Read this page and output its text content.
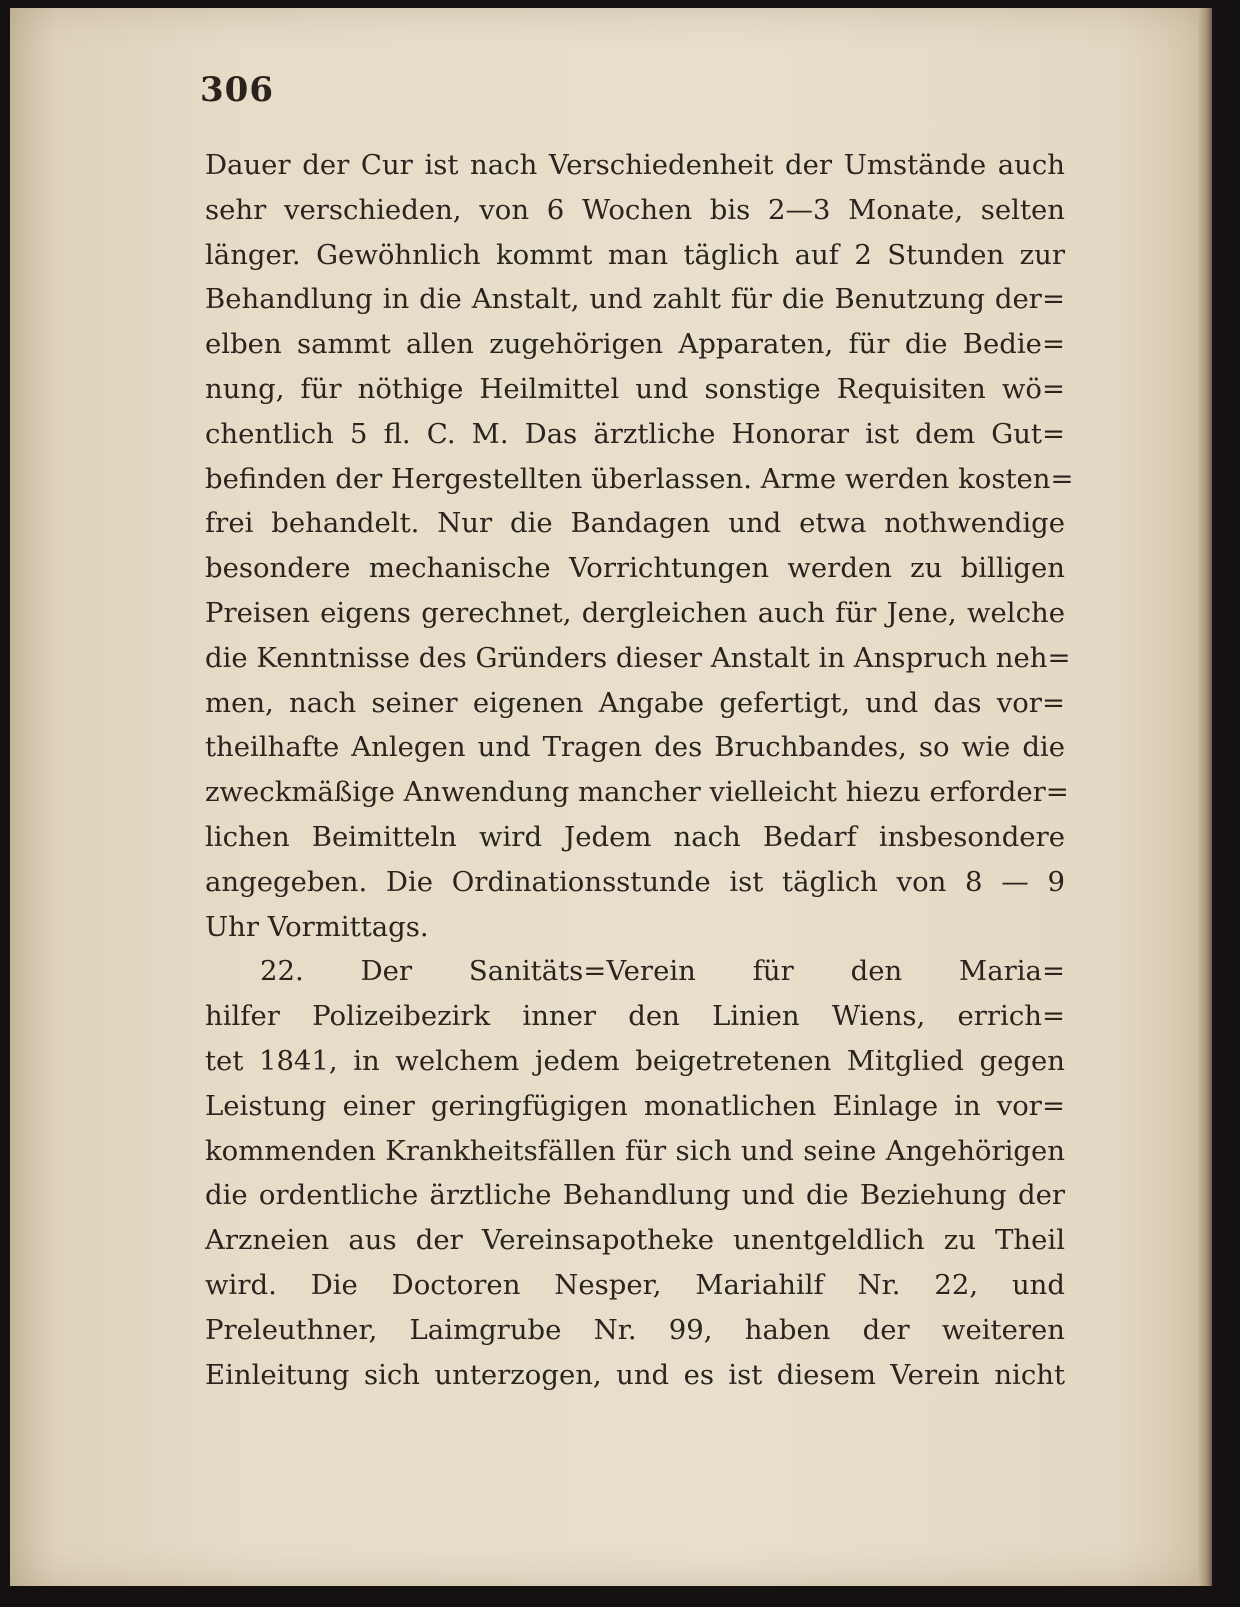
306
Dauer der Cur ist nach Verschiedenheit der Umstände auch
sehr verschieden, von 6 Wochen bis 2—3 Monate, selten
länger. Gewöhnlich kommt man täglich auf 2 Stunden zur
Behandlung in die Anstalt, und zahlt für die Benutzung der=
elben sammt allen zugehörigen Apparaten, für die Bedie=
nung, für nöthige Heilmittel und sonstige Requisiten wö=
chentlich 5 fl. C. M. Das ärztliche Honorar ist dem Gut=
befinden der Hergestellten überlassen. Arme werden kosten=
frei behandelt. Nur die Bandagen und etwa nothwendige
besondere mechanische Vorrichtungen werden zu billigen
Preisen eigens gerechnet, dergleichen auch für Jene, welche
die Kenntnisse des Gründers dieser Anstalt in Anspruch neh=
men, nach seiner eigenen Angabe gefertigt, und das vor=
theilhafte Anlegen und Tragen des Bruchbandes, so wie die
zweckmäßige Anwendung mancher vielleicht hiezu erforder=
lichen Beimitteln wird Jedem nach Bedarf insbesondere
angegeben. Die Ordinationsstunde ist täglich von 8 — 9
Uhr Vormittags.
22. Der Sanitäts=Verein für den Maria=
hilfer Polizeibezirk inner den Linien Wiens, errich=
tet 1841, in welchem jedem beigetretenen Mitglied gegen
Leistung einer geringfügigen monatlichen Einlage in vor=
kommenden Krankheitsfällen für sich und seine Angehörigen
die ordentliche ärztliche Behandlung und die Beziehung der
Arzneien aus der Vereinsapotheke unentgeldlich zu Theil
wird. Die Doctoren Nesper, Mariahilf Nr. 22, und
Preleuthner, Laimgrube Nr. 99, haben der weiteren
Einleitung sich unterzogen, und es ist diesem Verein nicht
